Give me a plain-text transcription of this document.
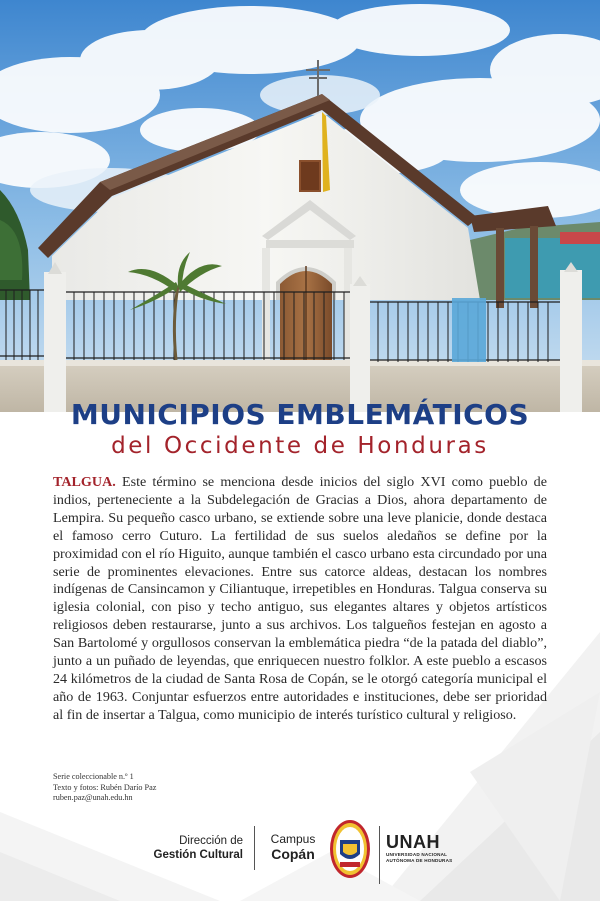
MUNICIPIOS EMBLEMÁTICOS
del Occidente de Honduras
TALGUA. Este término se menciona desde inicios del siglo XVI como pueblo de indios, perteneciente a la Subdelegación de Gracias a Dios, ahora departamento de Lempira. Su pequeño casco urbano, se extiende sobre una leve planicie, donde destaca el famoso cerro Cuturo. La fertilidad de sus suelos aledaños se define por la proximidad con el río Higuito, aunque también el casco urbano esta circundado por una serie de prominentes elevaciones. Entre sus catorce aldeas, destacan los nombres indígenas de Cansincamon y Ciliantuque, irrepetibles en Honduras. Talgua conserva su iglesia colonial, con piso y techo antiguo, sus elegantes altares y objetos artísticos religiosos deben restaurarse, junto a sus archivos. Los talgueños festejan en agosto a San Bartolomé y orgullosos conservan la emblemática piedra “de la patada del diablo”, junto a un puñado de leyendas, que enriquecen nuestro folklor. A este pueblo a escasos 24 kilómetros de la ciudad de Santa Rosa de Copán, se le otorgó categoría municipal el año de 1963. Conjuntar esfuerzos entre autoridades e instituciones, debe ser prioridad al fin de insertar a Talgua, como municipio de interés turístico cultural y religioso.
Serie coleccionable n.º 1
Texto y fotos: Rubén Darío Paz
ruben.paz@unah.edu.hn
Dirección de
Gestión Cultural
Campus
Copán
UNAH
UNIVERSIDAD NACIONAL
AUTÓNOMA DE HONDURAS
